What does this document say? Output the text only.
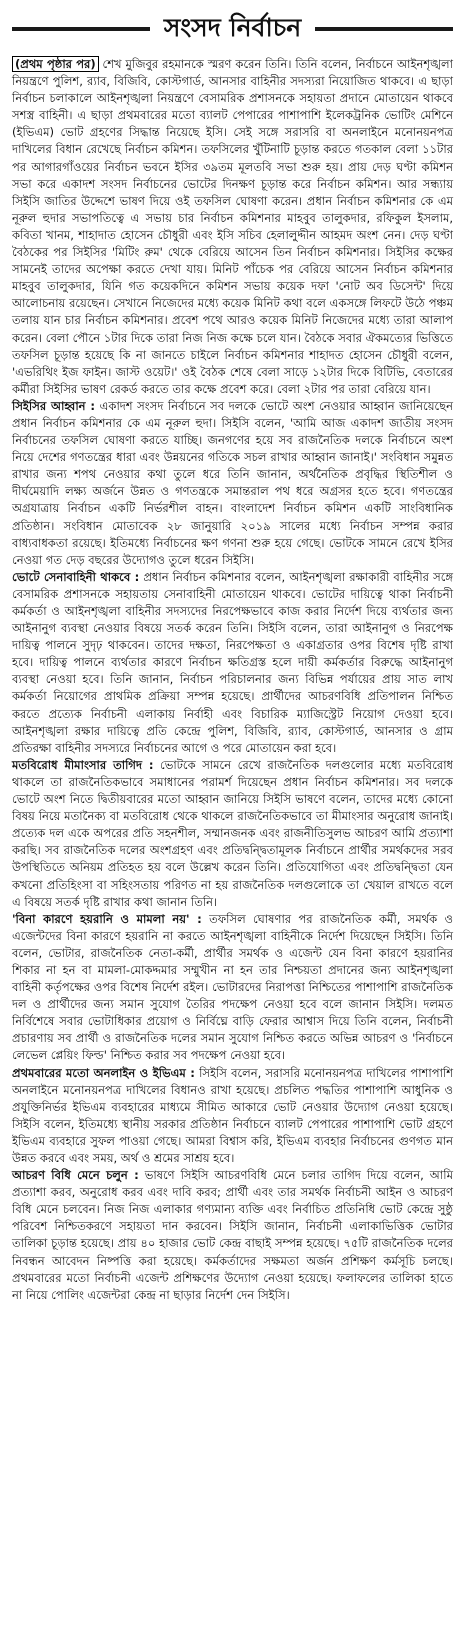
সংসদ নির্বাচন

(প্রথম পৃষ্ঠার পর) শেখ মুজিবুর রহমানকে স্মরণ করেন তিনি। তিনি বলেন, নির্বাচনে আইনশৃঙ্খলা নিয়ন্ত্রণে পুলিশ, র‌্যাব, বিজিবি, কোস্টগার্ড, আনসার বাহিনীর সদস্যরা নিয়োজিত থাকবে। এ ছাড়া নির্বাচন চলাকালে আইনশৃঙ্খলা নিয়ন্ত্রণে বেসামরিক প্রশাসনকে সহায়তা প্রদানে মোতায়েন থাকবে সশস্ত্র বাহিনী। এ ছাড়া প্রথমবারের মতো ব্যালট পেপারের পাশাপাশি ইলেকট্রনিক ভোটিং মেশিনে (ইভিএম) ভোট গ্রহণের সিদ্ধান্ত নিয়েছে ইসি। সেই সঙ্গে সরাসরি বা অনলাইনে মনোনয়নপত্র দাখিলের বিধান রেখেছে নির্বাচন কমিশন। তফসিলের খুঁটিনাটি চূড়ান্ত করতে গতকাল বেলা ১১টার পর আগারগাঁওয়ের নির্বাচন ভবনে ইসির ৩৯তম মূলতবি সভা শুরু হয়। প্রায় দেড় ঘণ্টা কমিশন সভা করে একাদশ সংসদ নির্বাচনের ভোটের দিনক্ষণ চূড়ান্ত করে নির্বাচন কমিশন। আর সন্ধ্যায় সিইসি জাতির উদ্দেশে ভাষণ দিয়ে ওই তফসিল ঘোষণা করেন। প্রধান নির্বাচন কমিশনার কে এম নূরুল হুদার সভাপতিত্বে এ সভায় চার নির্বাচন কমিশনার মাহবুব তালুকদার, রফিকুল ইসলাম, কবিতা খানম, শাহাদাত হোসেন চৌধুরী এবং ইসি সচিব হেলালুদ্দীন আহমদ অংশ নেন। দেড় ঘণ্টা বৈঠকের পর সিইসির 'মিটিং রুম' থেকে বেরিয়ে আসেন তিন নির্বাচন কমিশনার। সিইসির কক্ষের সামনেই তাদের অপেক্ষা করতে দেখা যায়। মিনিট পাঁচেক পর বেরিয়ে আসেন নির্বাচন কমিশনার মাহবুব তালুকদার, যিনি গত কয়েকদিনে কমিশন সভায় কয়েক দফা 'নোট অব ডিসেন্ট' দিয়ে আলোচনায় রয়েছেন। সেখানে নিজেদের মধ্যে কয়েক মিনিট কথা বলে একসঙ্গে লিফটে উঠে পঞ্চম তলায় যান চার নির্বাচন কমিশনার। প্রবেশ পথে আরও কয়েক মিনিট নিজেদের মধ্যে তারা আলাপ করেন। বেলা পৌনে ১টার দিকে তারা নিজ নিজ কক্ষে চলে যান। বৈঠকে সবার ঐকমত্যের ভিত্তিতে তফসিল চূড়ান্ত হয়েছে কি না জানতে চাইলে নির্বাচন কমিশনার শাহাদত হোসেন চৌধুরী বলেন, 'এভরিথিং ইজ ফাইন। জাস্ট ওয়েট।' ওই বৈঠক শেষে বেলা সাড়ে ১২টার দিকে বিটিভি, বেতারের কর্মীরা সিইসির ভাষণ রেকর্ড করতে তার কক্ষে প্রবেশ করে। বেলা ২টার পর তারা বেরিয়ে যান।

সিইসির আহ্বান : একাদশ সংসদ নির্বাচনে সব দলকে ভোটে অংশ নেওয়ার আহ্বান জানিয়েছেন প্রধান নির্বাচন কমিশনার কে এম নূরুল হুদা। সিইসি বলেন, 'আমি আজ একাদশ জাতীয় সংসদ নির্বাচনের তফসিল ঘোষণা করতে যাচ্ছি। জনগণের হয়ে সব রাজনৈতিক দলকে নির্বাচনে অংশ নিয়ে দেশের গণতন্ত্রের ধারা এবং উন্নয়নের গতিকে সচল রাখার আহ্বান জানাই।' সংবিধান সমুন্নত রাখার জন্য শপথ নেওয়ার কথা তুলে ধরে তিনি জানান, অর্থনৈতিক প্রবৃদ্ধির স্থিতিশীল ও দীর্ঘমেয়াদি লক্ষ্য অর্জনে উন্নত ও গণতন্ত্রকে সমান্তরাল পথ ধরে অগ্রসর হতে হবে। গণতন্ত্রের অগ্রযাত্রায় নির্বাচন একটি নির্ভরশীল বাহন। বাংলাদেশ নির্বাচন কমিশন একটি সাংবিধানিক প্রতিষ্ঠান। সংবিধান মোতাবেক ২৮ জানুয়ারি ২০১৯ সালের মধ্যে নির্বাচন সম্পন্ন করার বাধ্যবাধকতা রয়েছে। ইতিমধ্যে নির্বাচনের ক্ষণ গণনা শুরু হয়ে গেছে। ভোটকে সামনে রেখে ইসির নেওয়া গত দেড় বছরের উদ্যোগও তুলে ধরেন সিইসি।

ভোটে সেনাবাহিনী থাকবে : প্রধান নির্বাচন কমিশনার বলেন, আইনশৃঙ্খলা রক্ষাকারী বাহিনীর সঙ্গে বেসামরিক প্রশাসনকে সহায়তায় সেনাবাহিনী মোতায়েন থাকবে। ভোটের দায়িত্বে থাকা নির্বাচনী কর্মকর্তা ও আইনশৃঙ্খলা বাহিনীর সদস্যদের নিরপেক্ষভাবে কাজ করার নির্দেশ দিয়ে ব্যর্থতার জন্য আইনানুগ ব্যবস্থা নেওয়ার বিষয়ে সতর্ক করেন তিনি। সিইসি বলেন, তারা আইনানুগ ও নিরপেক্ষ দায়িত্ব পালনে সুদৃঢ় থাকবেন। তাদের দক্ষতা, নিরপেক্ষতা ও একাগ্রতার ওপর বিশেষ দৃষ্টি রাখা হবে। দায়িত্ব পালনে ব্যর্থতার কারণে নির্বাচন ক্ষতিগ্রস্ত হলে দায়ী কর্মকর্তার বিরুদ্ধে আইনানুগ ব্যবস্থা নেওয়া হবে। তিনি জানান, নির্বাচন পরিচালনার জন্য বিভিন্ন পর্যায়ের প্রায় সাত লাখ কর্মকর্তা নিয়োগের প্রাথমিক প্রক্রিয়া সম্পন্ন হয়েছে। প্রার্থীদের আচরণবিধি প্রতিপালন নিশ্চিত করতে প্রত্যেক নির্বাচনী এলাকায় নির্বাহী এবং বিচারিক ম্যাজিস্ট্রেট নিয়োগ দেওয়া হবে। আইনশৃঙ্খলা রক্ষার দায়িত্বে প্রতি কেন্দ্রে পুলিশ, বিজিবি, র‌্যাব, কোস্টগার্ড, আনসার ও গ্রাম প্রতিরক্ষা বাহিনীর সদস্যরে নির্বাচনের আগে ও পরে মোতায়েন করা হবে।

মতবিরোধ মীমাংসার তাগিদ : ভোটকে সামনে রেখে রাজনৈতিক দলগুলোর মধ্যে মতবিরোধ থাকলে তা রাজনৈতিকভাবে সমাধানের পরামর্শ দিয়েছেন প্রধান নির্বাচন কমিশনার। সব দলকে ভোটে অংশ নিতে দ্বিতীয়বারের মতো আহ্বান জানিয়ে সিইসি ভাষণে বলেন, তাদের মধ্যে কোনো বিষয় নিয়ে মতানৈক্য বা মতবিরোধ থেকে থাকলে রাজনৈতিকভাবে তা মীমাংসার অনুরোধ জানাই। প্রত্যেক দল একে অপরের প্রতি সহনশীল, সম্মানজনক এবং রাজনীতিসুলভ আচরণ আমি প্রত্যাশা করছি। সব রাজনৈতিক দলের অংশগ্রহণ এবং প্রতিদ্বন্দ্বিতামূলক নির্বাচনে প্রার্থীর সমর্থকদের সরব উপস্থিতিতে অনিয়ম প্রতিহত হয় বলে উল্লেখ করেন তিনি। প্রতিযোগিতা এবং প্রতিদ্বন্দ্বিতা যেন কখনো প্রতিহিংসা বা সহিংসতায় পরিণত না হয় রাজনৈতিক দলগুলোকে তা খেয়াল রাখতে বলে এ বিষয়ে সতর্ক দৃষ্টি রাখার কথা জানান তিনি।

'বিনা কারণে হয়রানি ও মামলা নয়' : তফসিল ঘোষণার পর রাজনৈতিক কর্মী, সমর্থক ও এজেন্টদের বিনা কারণে হয়রানি না করতে আইনশৃঙ্খলা বাহিনীকে নির্দেশ দিয়েছেন সিইসি। তিনি বলেন, ভোটার, রাজনৈতিক নেতা-কর্মী, প্রার্থীর সমর্থক ও এজেন্ট যেন বিনা কারণে হয়রানির শিকার না হন বা মামলা-মোকদ্দমার সম্মুখীন না হন তার নিশ্চয়তা প্রদানের জন্য আইনশৃঙ্খলা বাহিনী কর্তৃপক্ষের ওপর বিশেষ নির্দেশ রইল। ভোটারদের নিরাপত্তা নিশ্চিতের পাশাপাশি রাজনৈতিক দল ও প্রার্থীদের জন্য সমান সুযোগ তৈরির পদক্ষেপ নেওয়া হবে বলে জানান সিইসি। দলমত নির্বিশেষে সবার ভোটাধিকার প্রয়োগ ও নির্বিঘ্নে বাড়ি ফেরার আশ্বাস দিয়ে তিনি বলেন, নির্বাচনী প্রচারণায় সব প্রার্থী ও রাজনৈতিক দলের সমান সুযোগ নিশ্চিত করতে অভিন্ন আচরণ ও 'নির্বাচনে লেভেল প্লেয়িং ফিল্ড' নিশ্চিত করার সব পদক্ষেপ নেওয়া হবে।

প্রথমবারের মতো অনলাইন ও ইভিএম : সিইসি বলেন, সরাসরি মনোনয়নপত্র দাখিলের পাশাপাশি অনলাইনে মনোনয়নপত্র দাখিলের বিধানও রাখা হয়েছে। প্রচলিত পদ্ধতির পাশাপাশি আধুনিক ও প্রযুক্তিনির্ভর ইভিএম ব্যবহারের মাধ্যমে সীমিত আকারে ভোট নেওয়ার উদ্যোগ নেওয়া হয়েছে। সিইসি বলেন, ইতিমধ্যে স্থানীয় সরকার প্রতিষ্ঠান নির্বাচনে ব্যালট পেপারের পাশাপাশি ভোট গ্রহণে ইভিএম ব্যবহারে সুফল পাওয়া গেছে। আমরা বিশ্বাস করি, ইভিএম ব্যবহার নির্বাচনের গুণগত মান উন্নত করবে এবং সময়, অর্থ ও শ্রমের সাশ্রয় হবে।

আচরণ বিধি মেনে চলুন : ভাষণে সিইসি আচরণবিধি মেনে চলার তাগিদ দিয়ে বলেন, আমি প্রত্যাশা করব, অনুরোধ করব এবং দাবি করব; প্রার্থী এবং তার সমর্থক নির্বাচনী আইন ও আচরণ বিধি মেনে চলবেন। নিজ নিজ এলাকার গণ্যমান্য ব্যক্তি এবং নির্বাচিত প্রতিনিধি ভোট কেন্দ্রে সুষ্ঠু পরিবেশ নিশ্চিতকরণে সহায়তা দান করবেন। সিইসি জানান, নির্বাচনী এলাকাভিত্তিক ভোটার তালিকা চূড়ান্ত হয়েছে। প্রায় ৪০ হাজার ভোট কেন্দ্র বাছাই সম্পন্ন হয়েছে। ৭৫টি রাজনৈতিক দলের নিবন্ধন আবেদন নিষ্পত্তি করা হয়েছে। কর্মকর্তাদের সক্ষমতা অর্জন প্রশিক্ষণ কর্মসূচি চলছে। প্রথমবারের মতো নির্বাচনী এজেন্ট প্রশিক্ষণের উদ্যোগ নেওয়া হয়েছে। ফলাফলের তালিকা হাতে না নিয়ে পোলিং এজেন্টরা কেন্দ্র না ছাড়ার নির্দেশ দেন সিইসি।
